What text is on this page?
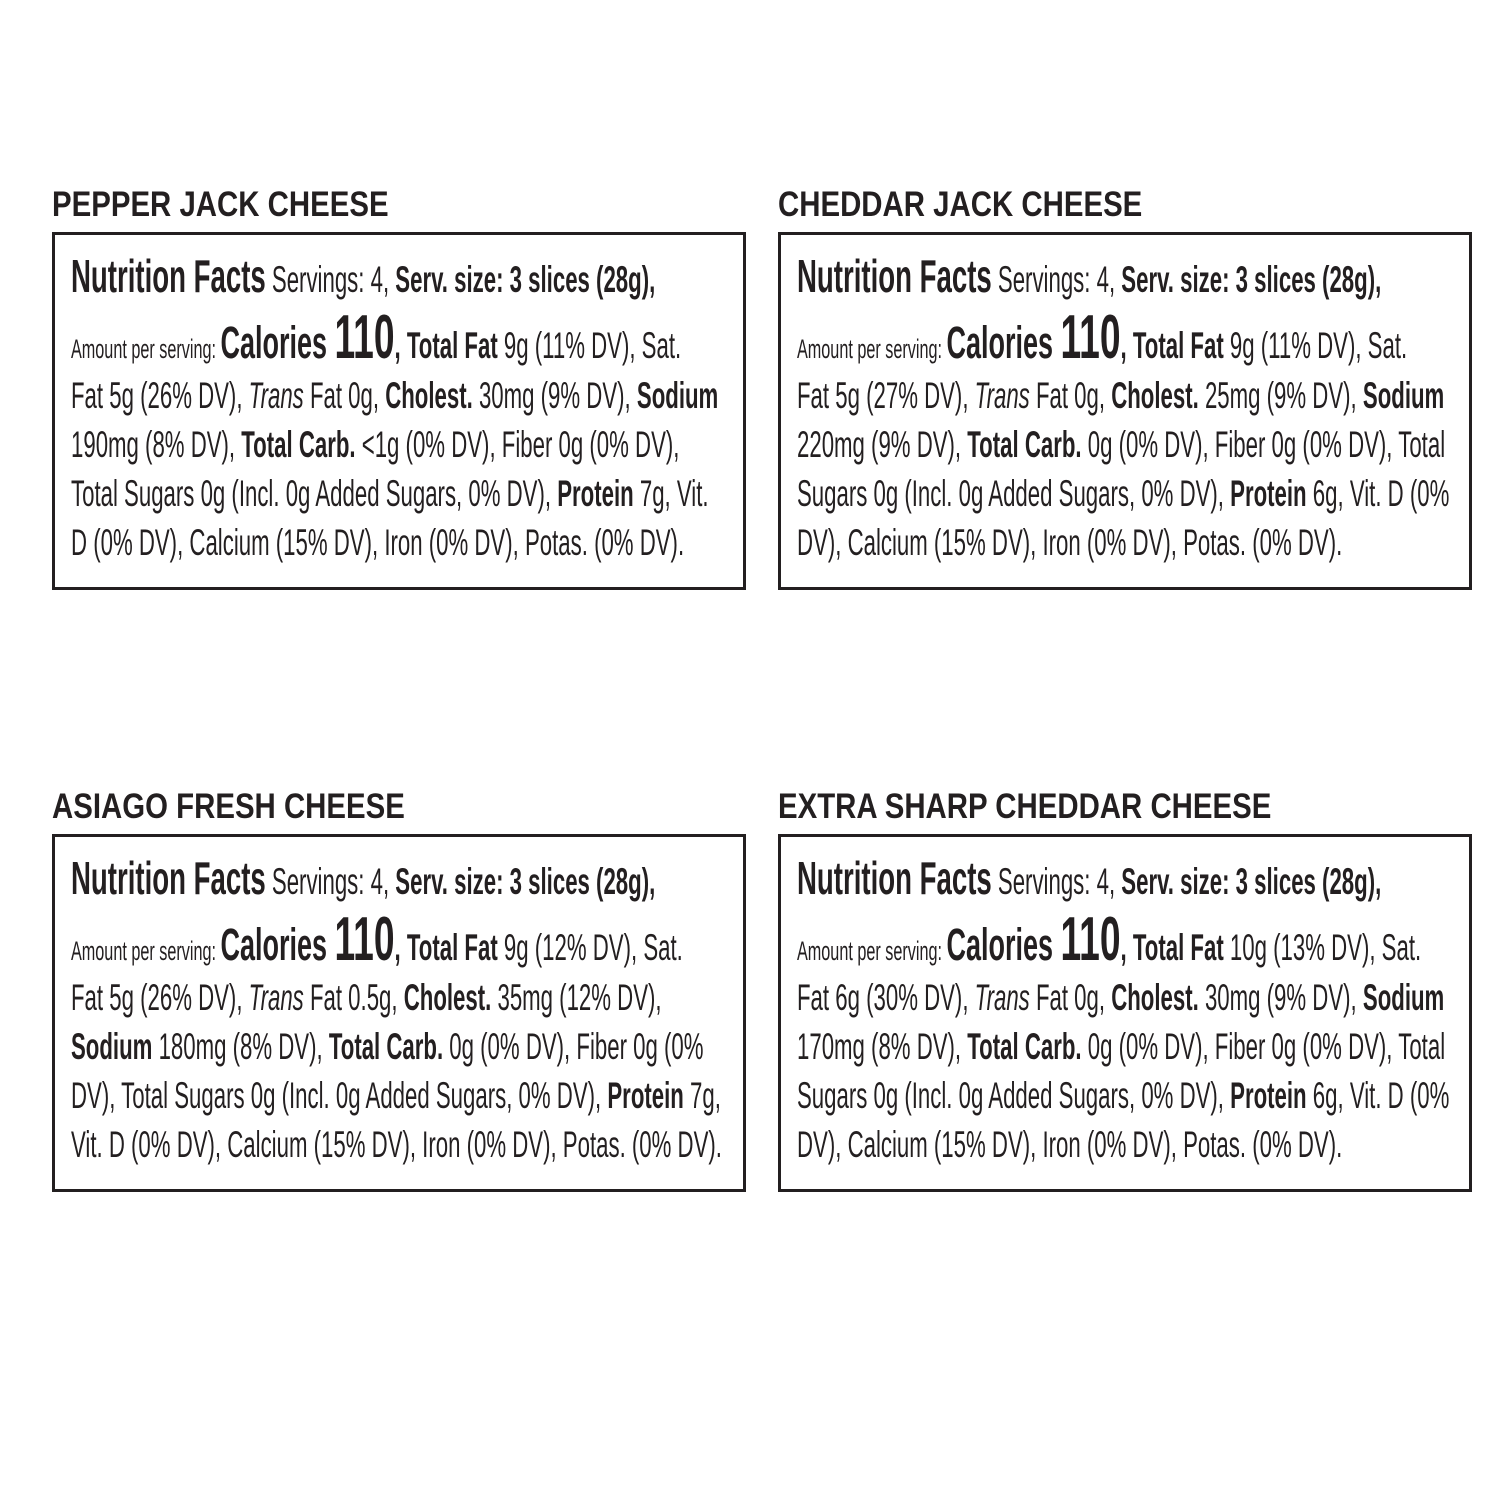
PEPPER JACK CHEESE
Nutrition Facts Servings: 4, Serv. size: 3 slices (28g),
Amount per serving: Calories 110, Total Fat 9g (11% DV), Sat.
Fat 5g (26% DV), Trans Fat 0g, Cholest. 30mg (9% DV), Sodium
190mg (8% DV), Total Carb. <1g (0% DV), Fiber 0g (0% DV),
Total Sugars 0g (Incl. 0g Added Sugars, 0% DV), Protein 7g, Vit.
D (0% DV), Calcium (15% DV), Iron (0% DV), Potas. (0% DV).
CHEDDAR JACK CHEESE
Nutrition Facts Servings: 4, Serv. size: 3 slices (28g),
Amount per serving: Calories 110, Total Fat 9g (11% DV), Sat.
Fat 5g (27% DV), Trans Fat 0g, Cholest. 25mg (9% DV), Sodium
220mg (9% DV), Total Carb. 0g (0% DV), Fiber 0g (0% DV), Total
Sugars 0g (Incl. 0g Added Sugars, 0% DV), Protein 6g, Vit. D (0%
DV), Calcium (15% DV), Iron (0% DV), Potas. (0% DV).
ASIAGO FRESH CHEESE
Nutrition Facts Servings: 4, Serv. size: 3 slices (28g),
Amount per serving: Calories 110, Total Fat 9g (12% DV), Sat.
Fat 5g (26% DV), Trans Fat 0.5g, Cholest. 35mg (12% DV),
Sodium 180mg (8% DV), Total Carb. 0g (0% DV), Fiber 0g (0%
DV), Total Sugars 0g (Incl. 0g Added Sugars, 0% DV), Protein 7g,
Vit. D (0% DV), Calcium (15% DV), Iron (0% DV), Potas. (0% DV).
EXTRA SHARP CHEDDAR CHEESE
Nutrition Facts Servings: 4, Serv. size: 3 slices (28g),
Amount per serving: Calories 110, Total Fat 10g (13% DV), Sat.
Fat 6g (30% DV), Trans Fat 0g, Cholest. 30mg (9% DV), Sodium
170mg (8% DV), Total Carb. 0g (0% DV), Fiber 0g (0% DV), Total
Sugars 0g (Incl. 0g Added Sugars, 0% DV), Protein 6g, Vit. D (0%
DV), Calcium (15% DV), Iron (0% DV), Potas. (0% DV).
